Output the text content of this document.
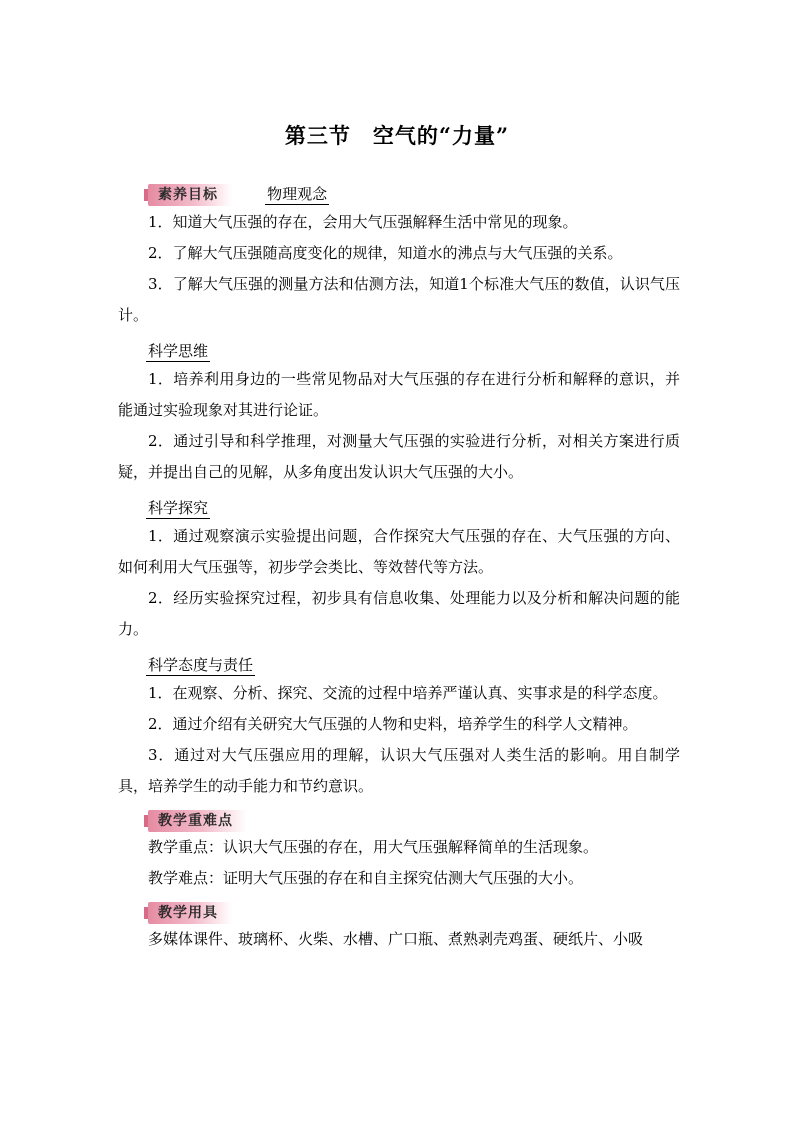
第三节　空气的“力量”
素养目标	物理观念

1．知道大气压强的存在，会用大气压强解释生活中常见的现象。

2．了解大气压强随高度变化的规律，知道水的沸点与大气压强的关系。

3．了解大气压强的测量方法和估测方法，知道1个标准大气压的数值，认识气压计。

科学思维

1．培养利用身边的一些常见物品对大气压强的存在进行分析和解释的意识，并能通过实验现象对其进行论证。

2．通过引导和科学推理，对测量大气压强的实验进行分析，对相关方案进行质疑，并提出自己的见解，从多角度出发认识大气压强的大小。

科学探究

1．通过观察演示实验提出问题，合作探究大气压强的存在、大气压强的方向、如何利用大气压强等，初步学会类比、等效替代等方法。

2．经历实验探究过程，初步具有信息收集、处理能力以及分析和解决问题的能力。

科学态度与责任

1．在观察、分析、探究、交流的过程中培养严谨认真、实事求是的科学态度。

2．通过介绍有关研究大气压强的人物和史料，培养学生的科学人文精神。

3．通过对大气压强应用的理解，认识大气压强对人类生活的影响。用自制学具，培养学生的动手能力和节约意识。

教学重难点

教学重点：认识大气压强的存在，用大气压强解释简单的生活现象。

教学难点：证明大气压强的存在和自主探究估测大气压强的大小。

教学用具

多媒体课件、玻璃杯、火柴、水槽、广口瓶、煮熟剥壳鸡蛋、硬纸片、小吸
